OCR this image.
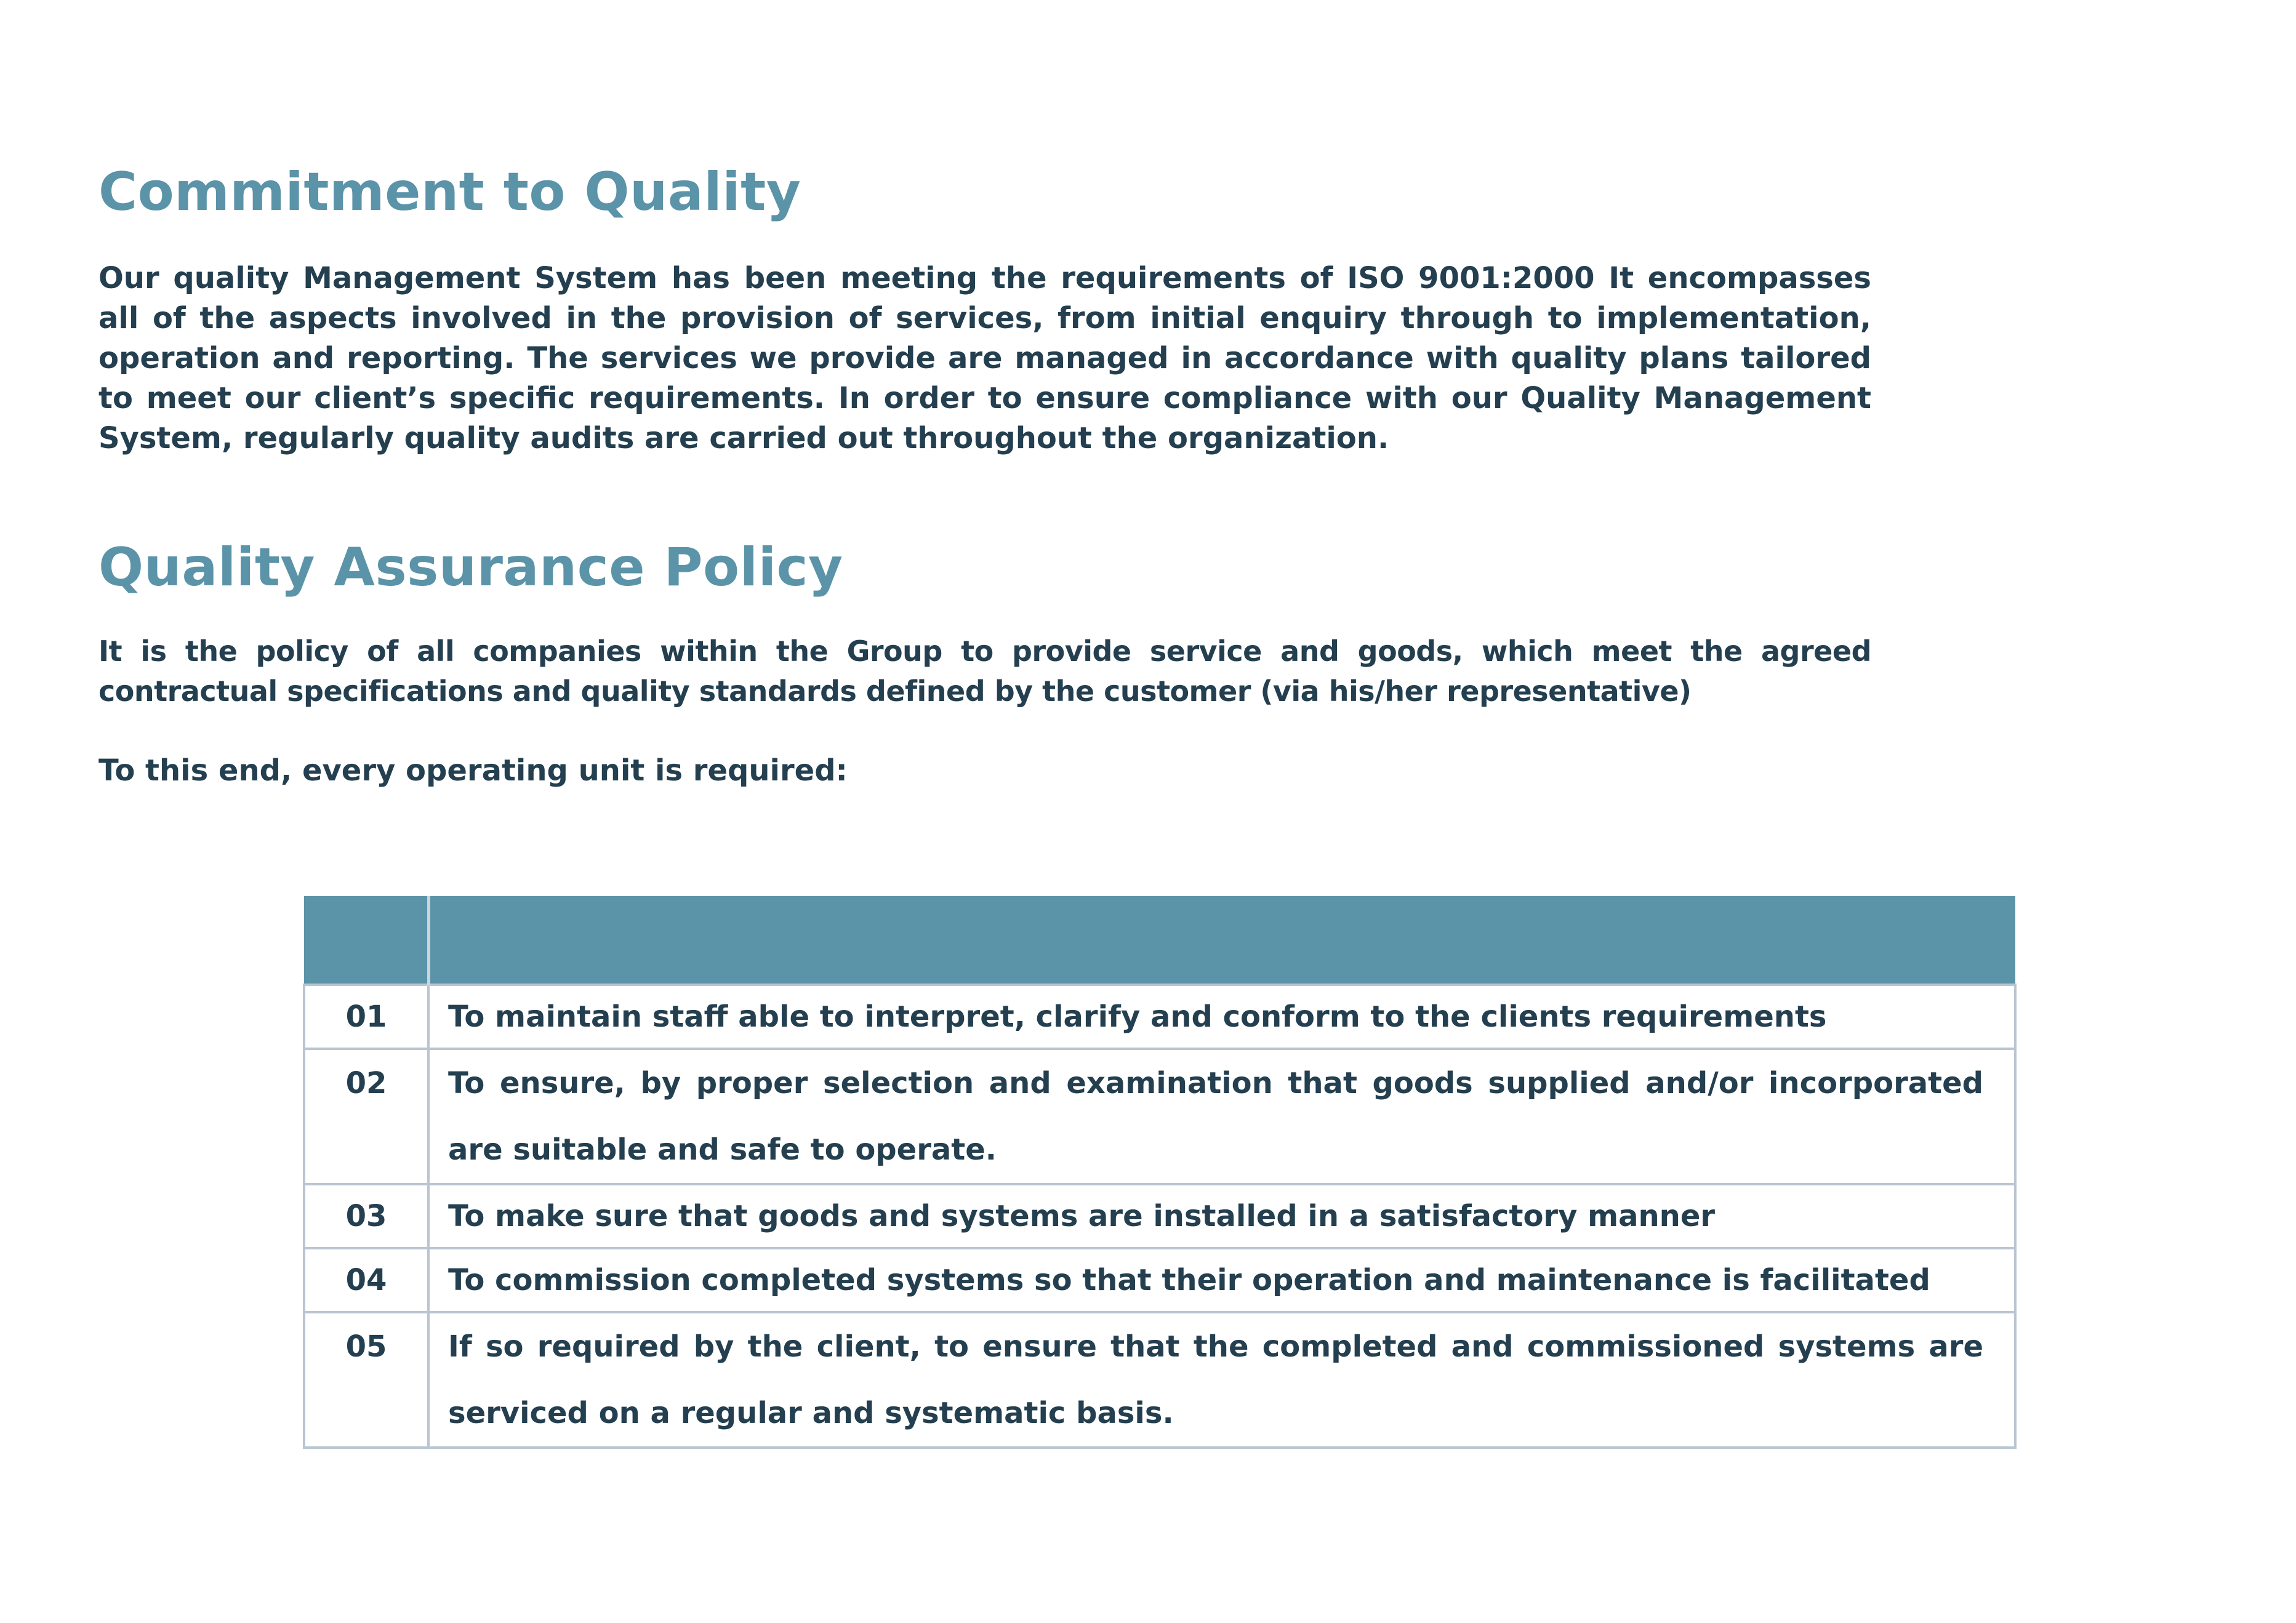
Commitment to Quality

Our quality Management System has been meeting the requirements of ISO 9001:2000 It encompasses all of the aspects involved in the provision of services, from initial enquiry through to implementation, operation and reporting. The services we provide are managed in accordance with quality plans tailored to meet our client’s specific requirements. In order to ensure compliance with our Quality Management System, regularly quality audits are carried out throughout the organization.

Quality Assurance Policy

It is the policy of all companies within the Group to provide service and goods, which meet the agreed contractual specifications and quality standards defined by the customer (via his/her representative)

To this end, every operating unit is required:

01	To maintain staff able to interpret, clarify and conform to the clients requirements
02	To ensure, by proper selection and examination that goods supplied and/or incorporated are suitable and safe to operate.
03	To make sure that goods and systems are installed in a satisfactory manner
04	To commission completed systems so that their operation and maintenance is facilitated
05	If so required by the client, to ensure that the completed and commissioned systems are serviced on a regular and systematic basis.
